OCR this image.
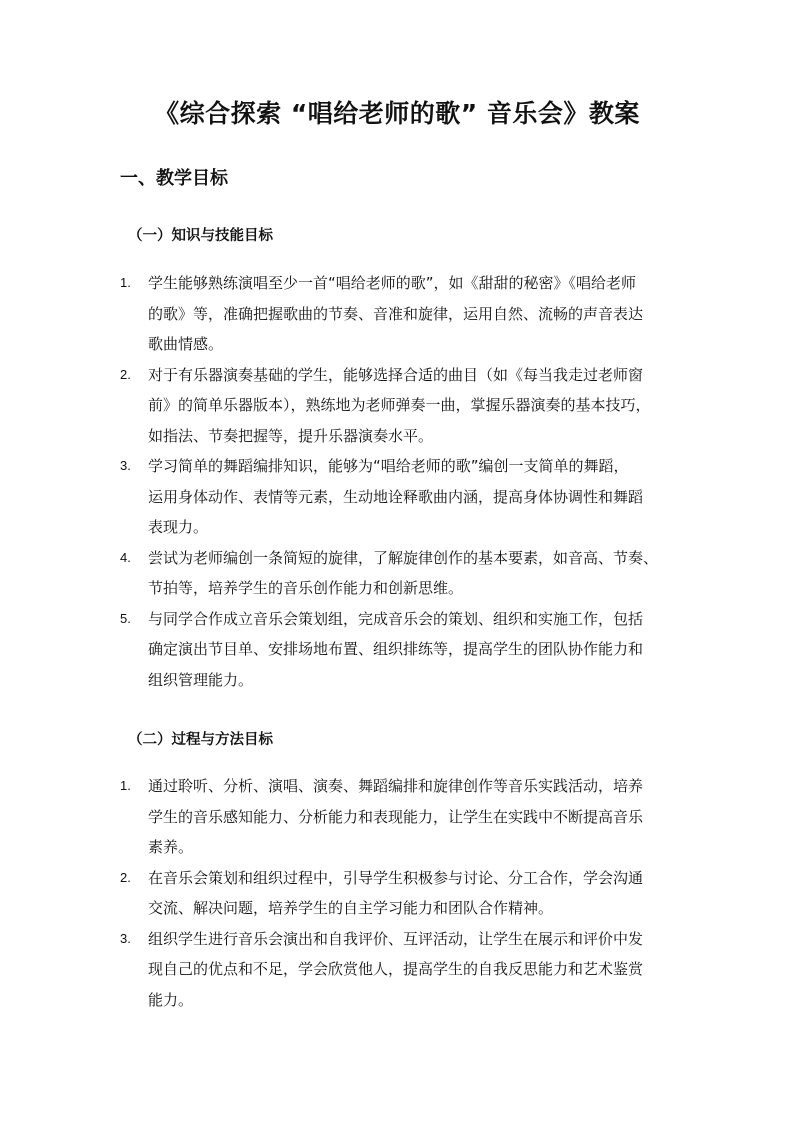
《综合探索 “唱给老师的歌” 音乐会》教案
一、教学目标
（一）知识与技能目标
1. 学生能够熟练演唱至少一首“唱给老师的歌”，如《甜甜的秘密》《唱给老师
的歌》等，准确把握歌曲的节奏、音准和旋律，运用自然、流畅的声音表达
歌曲情感。
2. 对于有乐器演奏基础的学生，能够选择合适的曲目（如《每当我走过老师窗
前》的简单乐器版本），熟练地为老师弹奏一曲，掌握乐器演奏的基本技巧，
如指法、节奏把握等，提升乐器演奏水平。
3. 学习简单的舞蹈编排知识，能够为“唱给老师的歌”编创一支简单的舞蹈，
运用身体动作、表情等元素，生动地诠释歌曲内涵，提高身体协调性和舞蹈
表现力。
4. 尝试为老师编创一条简短的旋律，了解旋律创作的基本要素，如音高、节奏、
节拍等，培养学生的音乐创作能力和创新思维。
5. 与同学合作成立音乐会策划组，完成音乐会的策划、组织和实施工作，包括
确定演出节目单、安排场地布置、组织排练等，提高学生的团队协作能力和
组织管理能力。
（二）过程与方法目标
1. 通过聆听、分析、演唱、演奏、舞蹈编排和旋律创作等音乐实践活动，培养
学生的音乐感知能力、分析能力和表现能力，让学生在实践中不断提高音乐
素养。
2. 在音乐会策划和组织过程中，引导学生积极参与讨论、分工合作，学会沟通
交流、解决问题，培养学生的自主学习能力和团队合作精神。
3. 组织学生进行音乐会演出和自我评价、互评活动，让学生在展示和评价中发
现自己的优点和不足，学会欣赏他人，提高学生的自我反思能力和艺术鉴赏
能力。
